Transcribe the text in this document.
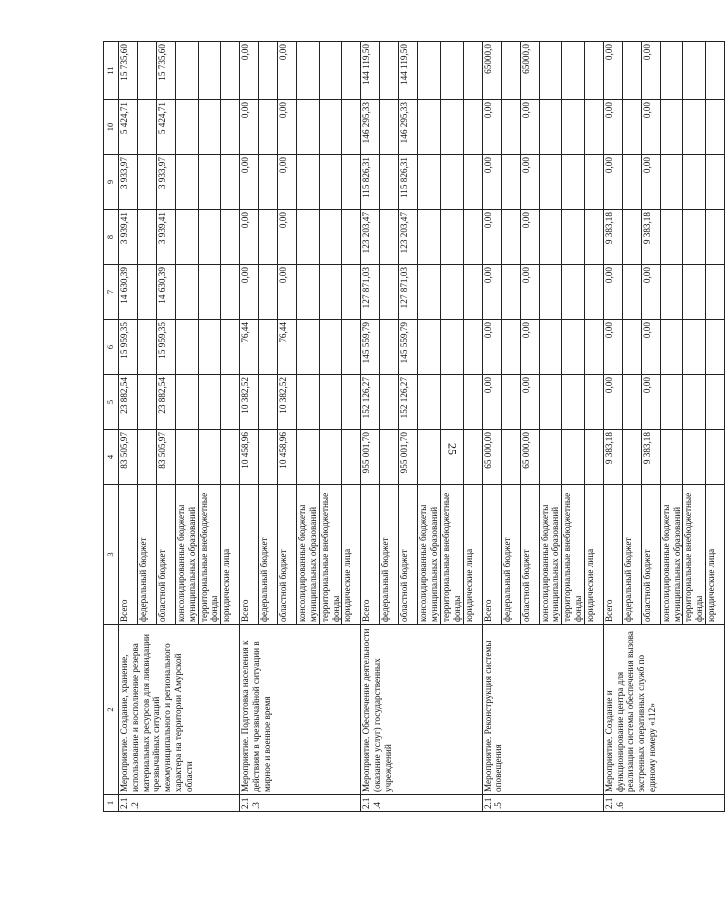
25
1	2	3	4	5	6	7	8	9	10	11
2.1.2	Мероприятие. Создание, хранение, использование и восполнение резерва материальных ресурсов для ликвидации чрезвычайных ситуаций межмуниципального и регионального характера на территории Амурской области	Всего	83 505,97	23 882,54	15 959,35	14 630,39	3 939,41	3 933,97	5 424,71	15 735,60
		федеральный бюджет								
		областной бюджет	83 505,97	23 882,54	15 959,35	14 630,39	3 939,41	3 933,97	5 424,71	15 735,60
		консолидированные бюджеты муниципальных образований								
		территориальные внебюджетные фонды								
		юридические лица								
2.1.3	Мероприятие. Подготовка населения к действиям в чрезвычайной ситуации в мирное и военное время	Всего	10 458,96	10 382,52	76,44	0,00	0,00	0,00	0,00	0,00
		федеральный бюджет								
		областной бюджет	10 458,96	10 382,52	76,44	0,00	0,00	0,00	0,00	0,00
		консолидированные бюджеты муниципальных образований								
		территориальные внебюджетные фонды								
		юридические лица								
2.1.4	Мероприятие. Обеспечение деятельности (оказание услуг) государственных учреждений	Всего	955 001,70	152 126,27	145 559,79	127 871,03	123 203,47	115 826,31	146 295,33	144 119,50
		федеральный бюджет								
		областной бюджет	955 001,70	152 126,27	145 559,79	127 871,03	123 203,47	115 826,31	146 295,33	144 119,50
		консолидированные бюджеты муниципальных образований								
		территориальные внебюджетные фонды								
		юридические лица								
2.1.5	Мероприятие. Реконструкция системы оповещения	Всего	65 000,00	0,00	0,00	0,00	0,00	0,00	0,00	65000,0
		федеральный бюджет								
		областной бюджет	65 000,00	0,00	0,00	0,00	0,00	0,00	0,00	65000,0
		консолидированные бюджеты муниципальных образований								
		территориальные внебюджетные фонды								
		юридические лица								
2.1.6	Мероприятие. Создание и функционирование центра для реализации системы обеспечения вызова экстренных оперативных служб по единому номеру «112»	Всего	9 383,18	0,00	0,00	0,00	9 383,18	0,00	0,00	0,00
		федеральный бюджет								
		областной бюджет	9 383,18	0,00	0,00	0,00	9 383,18	0,00	0,00	0,00
		консолидированные бюджеты муниципальных образований								
		территориальные внебюджетные фонды								
		юридические лица								
